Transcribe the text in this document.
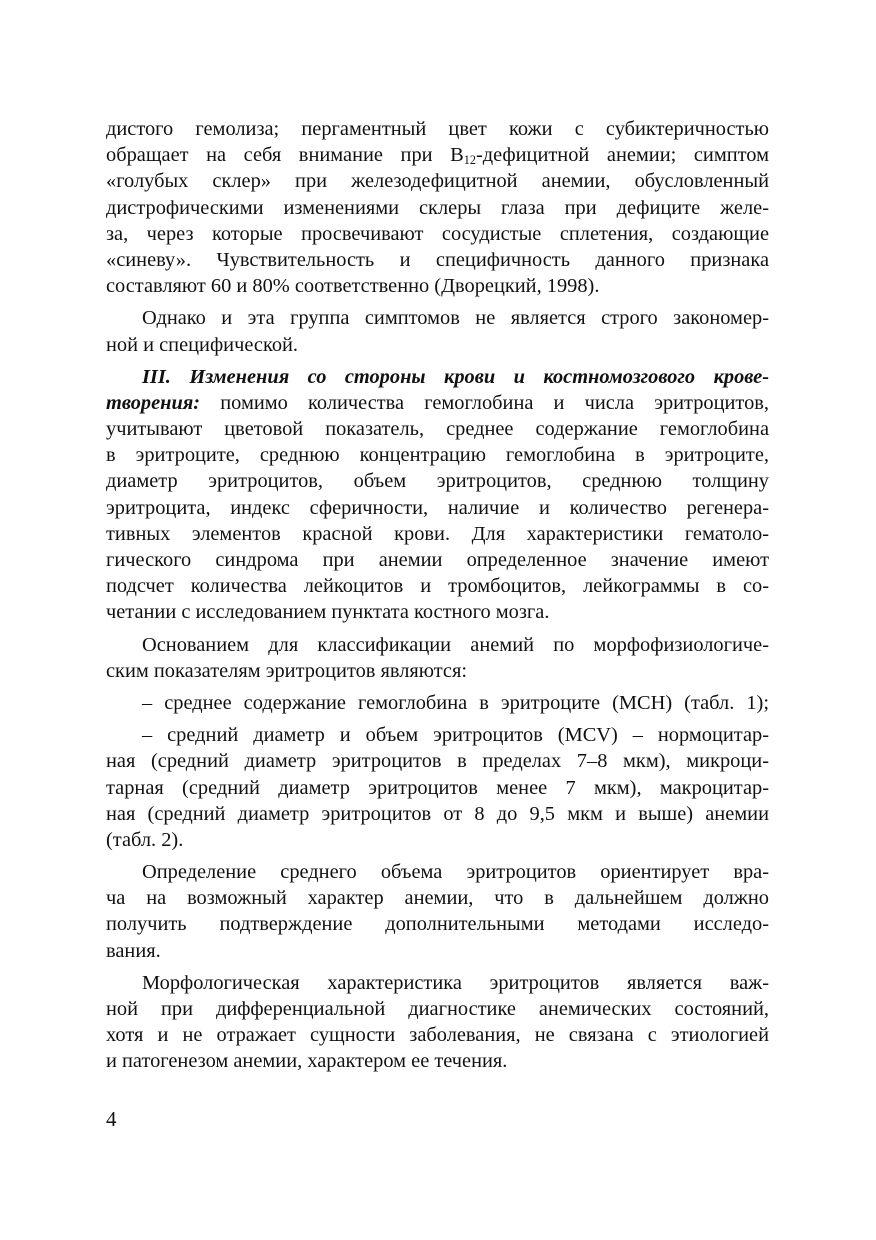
дистого гемолиза; пергаментный цвет кожи с субиктеричностью
обращает на себя внимание при $B_{12}$-дефицитной анемии; симптом
«голубых склер» при железодефицитной анемии, обусловленный
дистрофическими изменениями склеры глаза при дефиците желе-
за, через которые просвечивают сосудистые сплетения, создающие
«синеву». Чувствительность и специфичность данного признака
составляют 60 и 80% соответственно (Дворецкий, 1998).
Однако и эта группа симптомов не является строго закономер-
ной и специфической.
III. Изменения со стороны крови и костномозгового крове-
творения: помимо количества гемоглобина и числа эритроцитов,
учитывают цветовой показатель, среднее содержание гемоглобина
в эритроците, среднюю концентрацию гемоглобина в эритроците,
диаметр эритроцитов, объем эритроцитов, среднюю толщину
эритроцита, индекс сферичности, наличие и количество регенера-
тивных элементов красной крови. Для характеристики гематоло-
гического синдрома при анемии определенное значение имеют
подсчет количества лейкоцитов и тромбоцитов, лейкограммы в со-
четании с исследованием пунктата костного мозга.
Основанием для классификации анемий по морфофизиологиче-
ским показателям эритроцитов являются:
– среднее содержание гемоглобина в эритроците (МСН) (табл. 1);
– средний диаметр и объем эритроцитов (MCV) – нормоцитар-
ная (средний диаметр эритроцитов в пределах 7–8 мкм), микроци-
тарная (средний диаметр эритроцитов менее 7 мкм), макроцитар-
ная (средний диаметр эритроцитов от 8 до 9,5 мкм и выше) анемии
(табл. 2).
Определение среднего объема эритроцитов ориентирует вра-
ча на возможный характер анемии, что в дальнейшем должно
получить подтверждение дополнительными методами исследо-
вания.
Морфологическая характеристика эритроцитов является важ-
ной при дифференциальной диагностике анемических состояний,
хотя и не отражает сущности заболевания, не связана с этиологией
и патогенезом анемии, характером ее течения.
4
